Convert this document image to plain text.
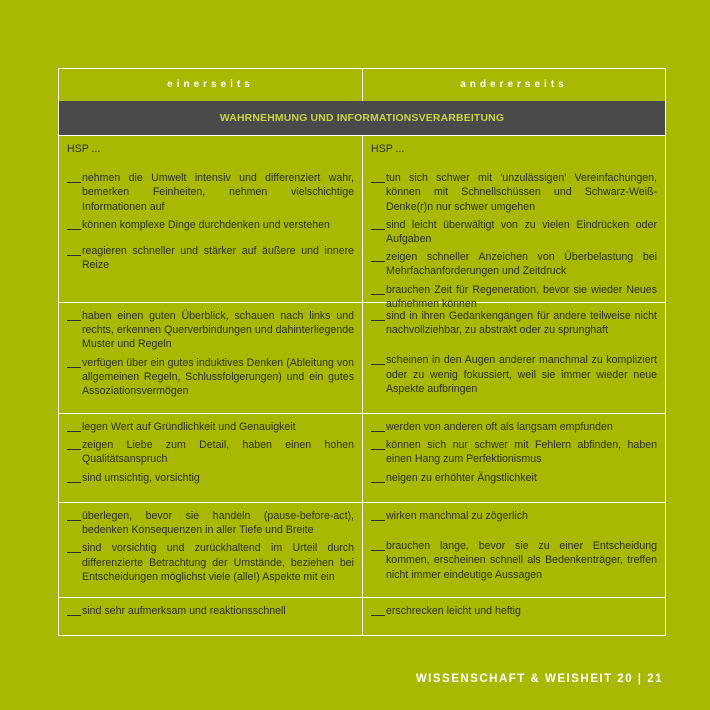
einerseits	andererseits
WAHRNEHMUNG UND INFORMATIONSVERARBEITUNG
HSP ...
nehmen die Umwelt intensiv und differenziert wahr, bemerken Feinheiten, nehmen vielschichtige Informationen auf
können komplexe Dinge durchdenken und verstehen
reagieren schneller und stärker auf äußere und innere Reize
HSP ...
tun sich schwer mit 'unzulässigen' Vereinfachungen, können mit Schnellschüssen und Schwarz-Weiß-Denke(r)n nur schwer umgehen
sind leicht überwältigt von zu vielen Eindrücken oder Aufgaben
zeigen schneller Anzeichen von Überbelastung bei Mehrfachanforderungen und Zeitdruck
brauchen Zeit für Regeneration, bevor sie wieder Neues aufnehmen können
haben einen guten Überblick, schauen nach links und rechts, erkennen Querverbindungen und dahinterliegende Muster und Regeln
verfügen über ein gutes induktives Denken (Ableitung von allgemeinen Regeln, Schlussfolgerungen) und ein gutes Assoziationsvermögen
sind in ihren Gedankengängen für andere teilweise nicht nachvollziehbar, zu abstrakt oder zu sprunghaft
scheinen in den Augen anderer manchmal zu kompliziert oder zu wenig fokussiert, weil sie immer wieder neue Aspekte aufbringen
legen Wert auf Gründlichkeit und Genauigkeit
zeigen Liebe zum Detail, haben einen hohen Qualitätsanspruch
sind umsichtig, vorsichtig
werden von anderen oft als langsam empfunden
können sich nur schwer mit Fehlern abfinden, haben einen Hang zum Perfektionismus
neigen zu erhöhter Ängstlichkeit
überlegen, bevor sie handeln (pause-before-act), bedenken Konsequenzen in aller Tiefe und Breite
sind vorsichtig und zurückhaltend im Urteil durch differenzierte Betrachtung der Umstände, beziehen bei Entscheidungen möglichst viele (alle!) Aspekte mit ein
wirken manchmal zu zögerlich
brauchen lange, bevor sie zu einer Entscheidung kommen, erscheinen schnell als Bedenkenträger, treffen nicht immer eindeutige Aussagen
sind sehr aufmerksam und reaktionsschnell	erschrecken leicht und heftig
WISSENSCHAFT & WEISHEIT 20 | 21
